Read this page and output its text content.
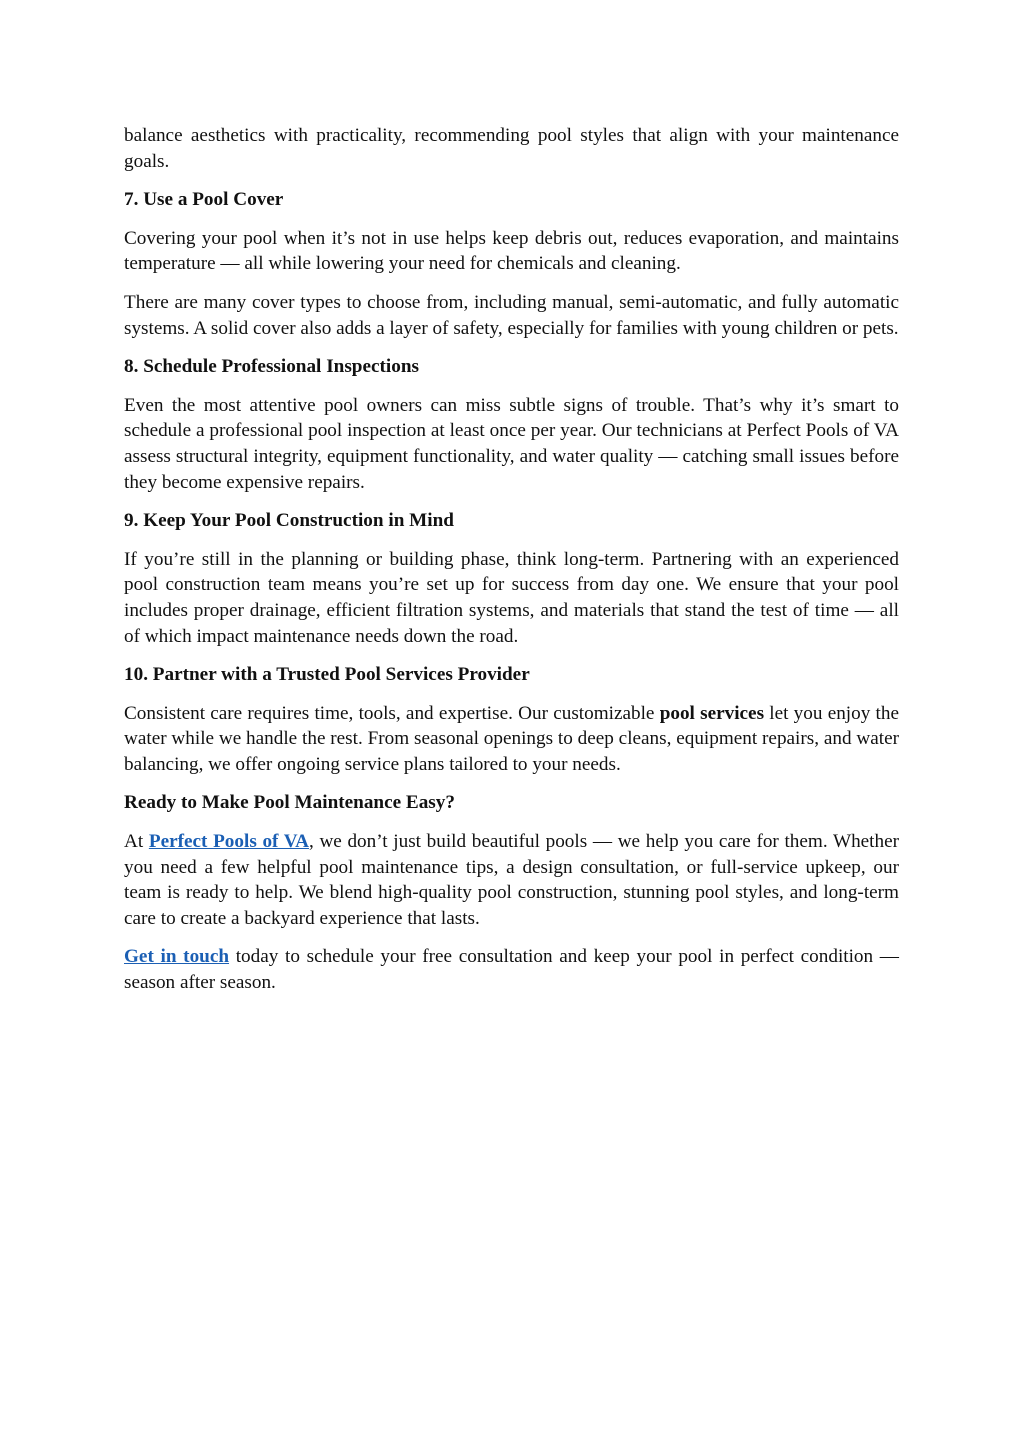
balance aesthetics with practicality, recommending pool styles that align with your maintenance goals.

7. Use a Pool Cover

Covering your pool when it’s not in use helps keep debris out, reduces evaporation, and maintains temperature — all while lowering your need for chemicals and cleaning.

There are many cover types to choose from, including manual, semi-automatic, and fully automatic systems. A solid cover also adds a layer of safety, especially for families with young children or pets.

8. Schedule Professional Inspections

Even the most attentive pool owners can miss subtle signs of trouble. That’s why it’s smart to schedule a professional pool inspection at least once per year. Our technicians at Perfect Pools of VA assess structural integrity, equipment functionality, and water quality — catching small issues before they become expensive repairs.

9. Keep Your Pool Construction in Mind

If you’re still in the planning or building phase, think long-term. Partnering with an experienced pool construction team means you’re set up for success from day one. We ensure that your pool includes proper drainage, efficient filtration systems, and materials that stand the test of time — all of which impact maintenance needs down the road.

10. Partner with a Trusted Pool Services Provider

Consistent care requires time, tools, and expertise. Our customizable pool services let you enjoy the water while we handle the rest. From seasonal openings to deep cleans, equipment repairs, and water balancing, we offer ongoing service plans tailored to your needs.

Ready to Make Pool Maintenance Easy?

At Perfect Pools of VA, we don’t just build beautiful pools — we help you care for them. Whether you need a few helpful pool maintenance tips, a design consultation, or full-service upkeep, our team is ready to help. We blend high-quality pool construction, stunning pool styles, and long-term care to create a backyard experience that lasts.

Get in touch today to schedule your free consultation and keep your pool in perfect condition — season after season.
